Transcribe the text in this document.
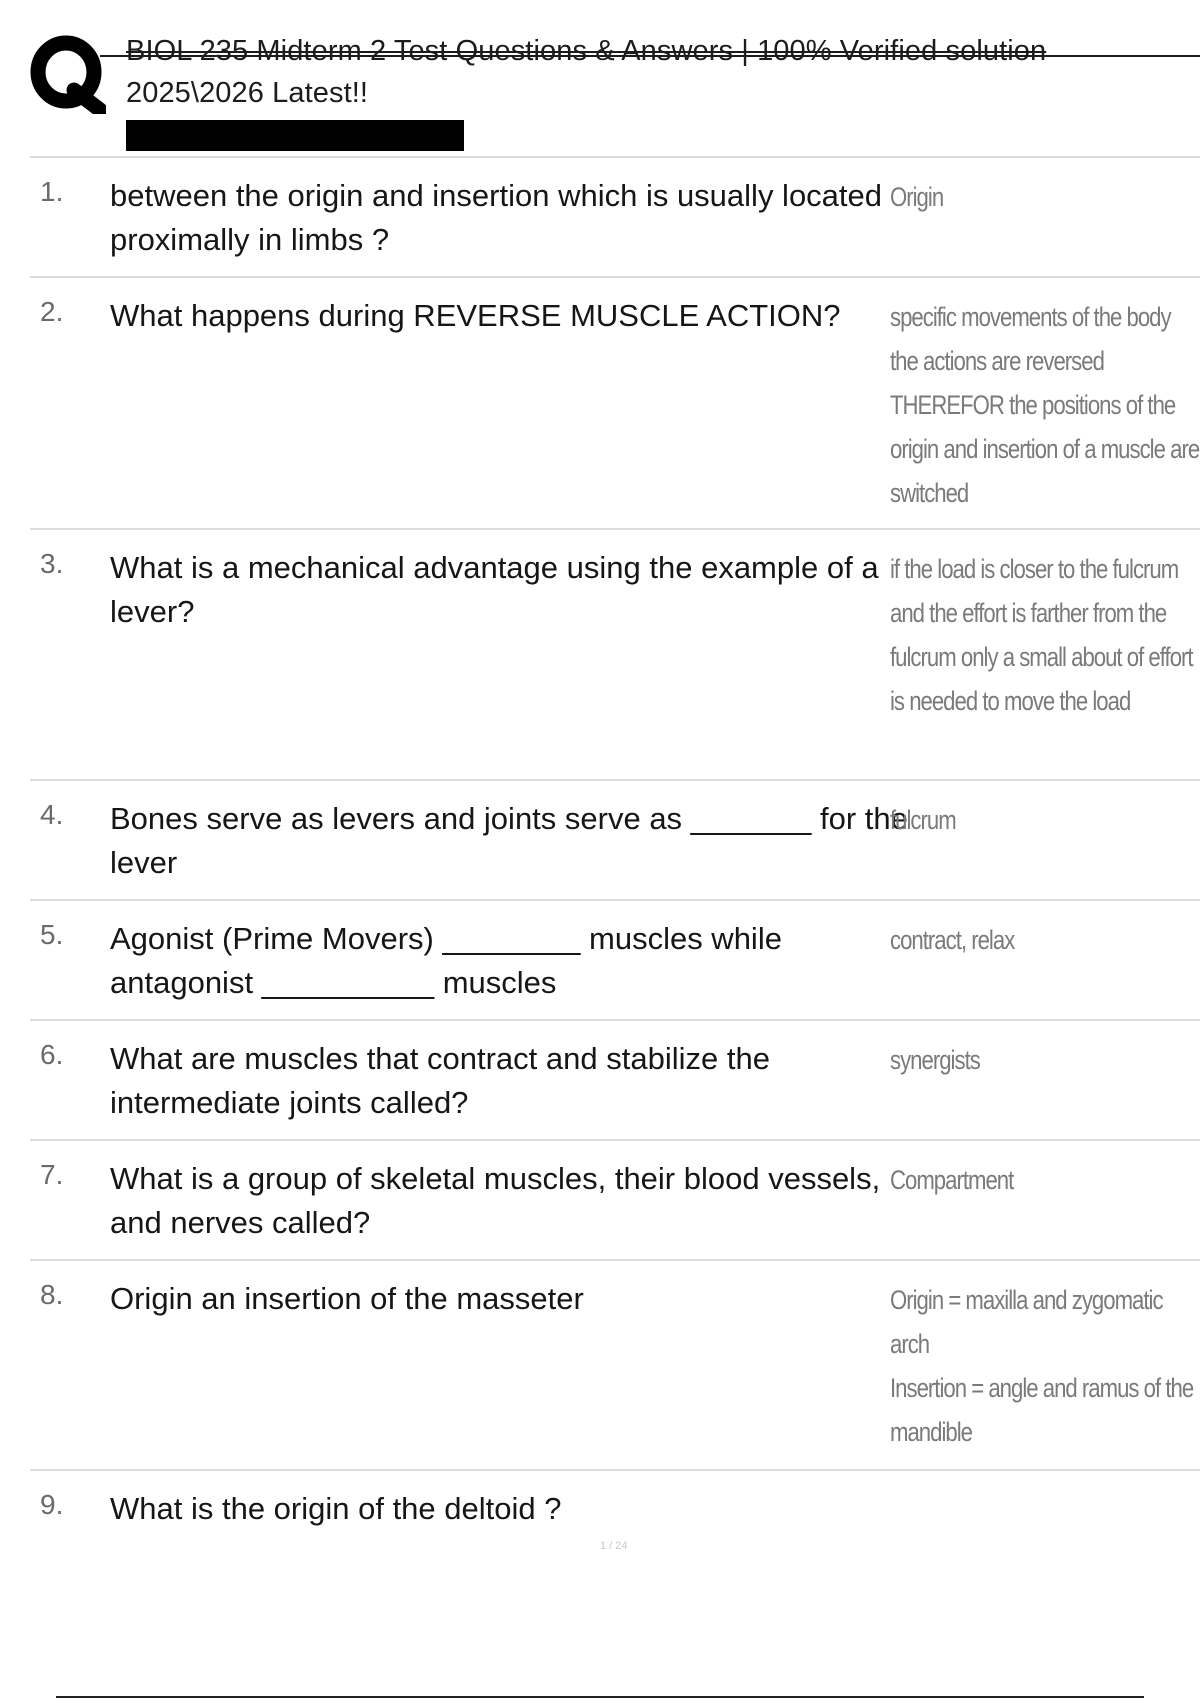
BIOL 235 Midterm 2 Test Questions & Answers | 100% Verified solution
2025\2026 Latest!!
1. between the origin and insertion which is usually located proximally in limbs ?
Origin
2. What happens during REVERSE MUSCLE ACTION?	specific movements of the body the actions are reversed THEREFOR the positions of the origin and insertion of a muscle are switched
3. What is a mechanical advantage using the example of a lever?
if the load is closer to the fulcrum and the effort is farther from the fulcrum only a small about of effort is needed to move the load
4. Bones serve as levers and joints serve as _______ for the lever
fulcrum
5. Agonist (Prime Movers) ________ muscles while antagonist __________ muscles
contract, relax
6. What are muscles that contract and stabilize the intermediate joints called?
synergists
7. What is a group of skeletal muscles, their blood vessels, and nerves called?
Compartment
8. Origin an insertion of the masseter	Origin = maxilla and zygomatic arch
Insertion = angle and ramus of the mandible
9. What is the origin of the deltoid ?
1 / 24
